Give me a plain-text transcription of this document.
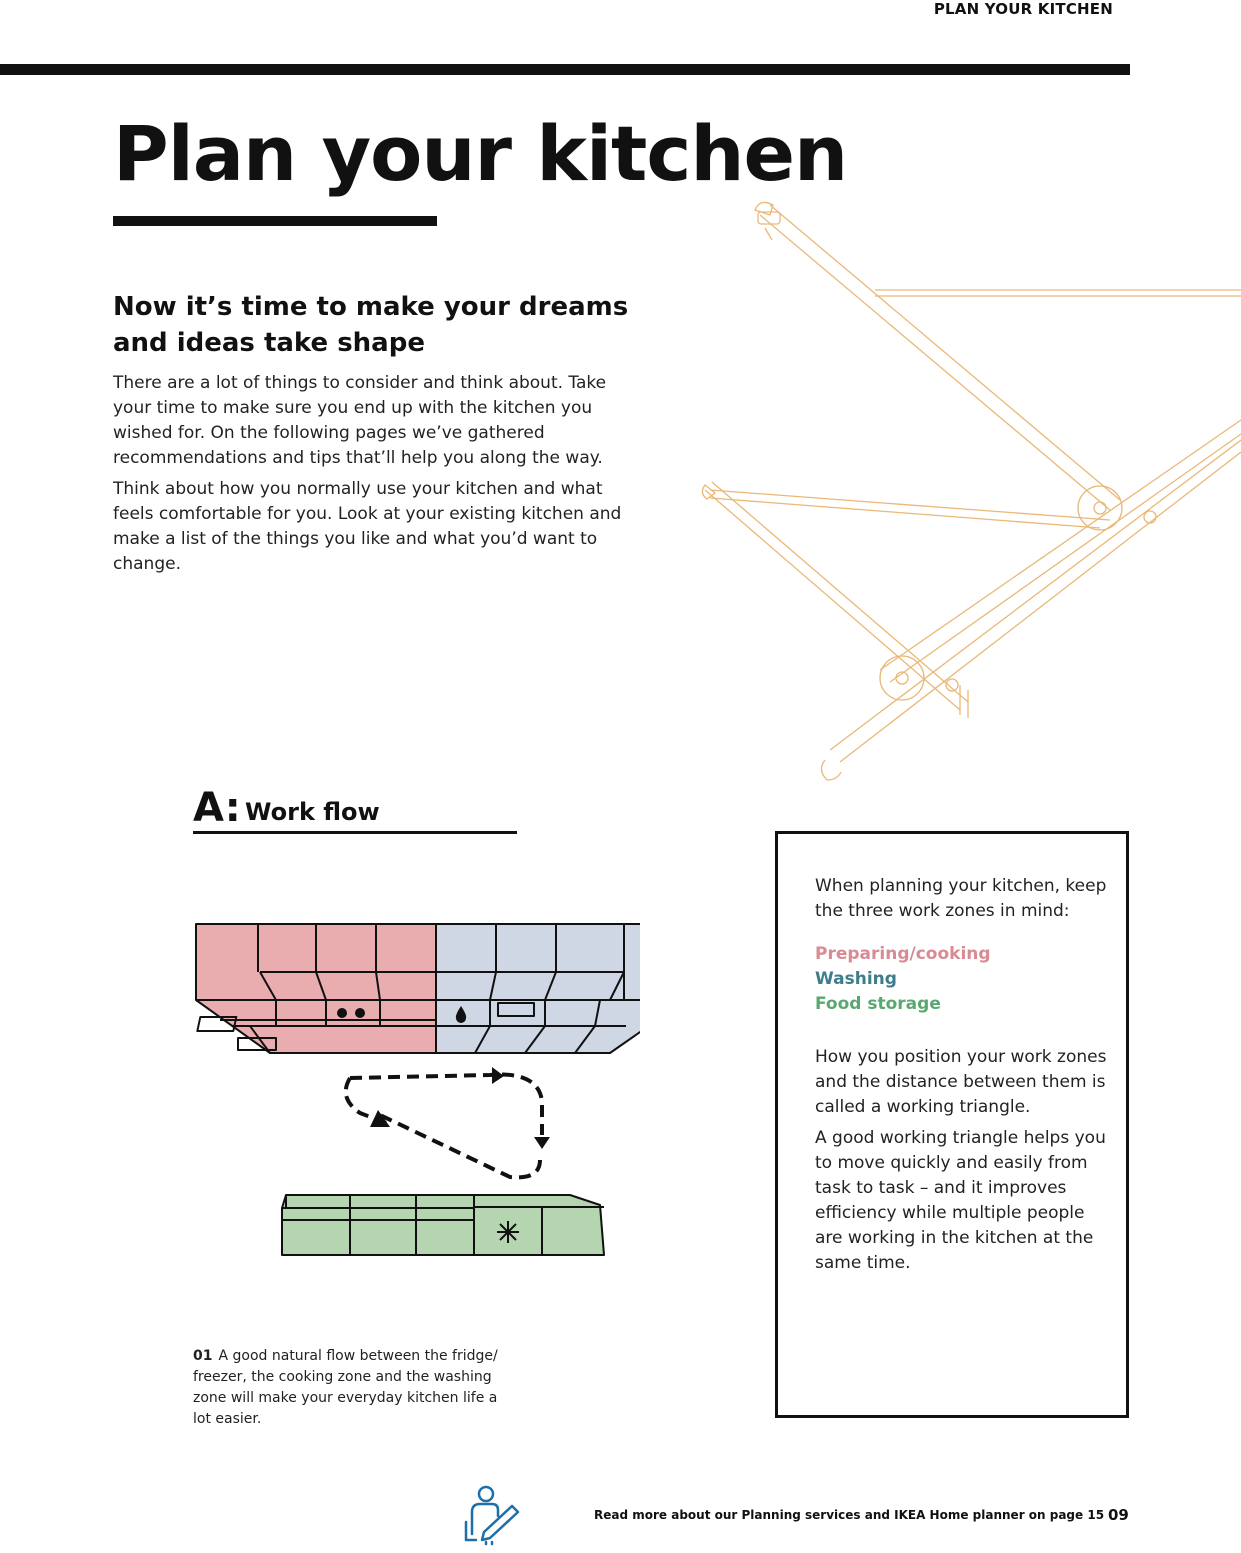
PLAN YOUR KITCHEN
Plan your kitchen
Now it’s time to make your dreams and ideas take shape

There are a lot of things to consider and think about. Take your time to make sure you end up with the kitchen you wished for. On the following pages we’ve gathered recommendations and tips that’ll help you along the way.

Think about how you normally use your kitchen and what feels comfortable for you. Look at your existing kitchen and make a list of the things you like and what you’d want to change.

A: Work flow

01 A good natural flow between the fridge/ freezer, the cooking zone and the washing zone will make your everyday kitchen life a lot easier.

When planning your kitchen, keep the three work zones in mind:
Preparing/cooking
Washing
Food storage
How you position your work zones and the distance between them is called a working triangle.
A good working triangle helps you to move quickly and easily from task to task – and it improves efficiency while multiple people are working in the kitchen at the same time.
Read more about our Planning services and IKEA Home planner on page 15 09
